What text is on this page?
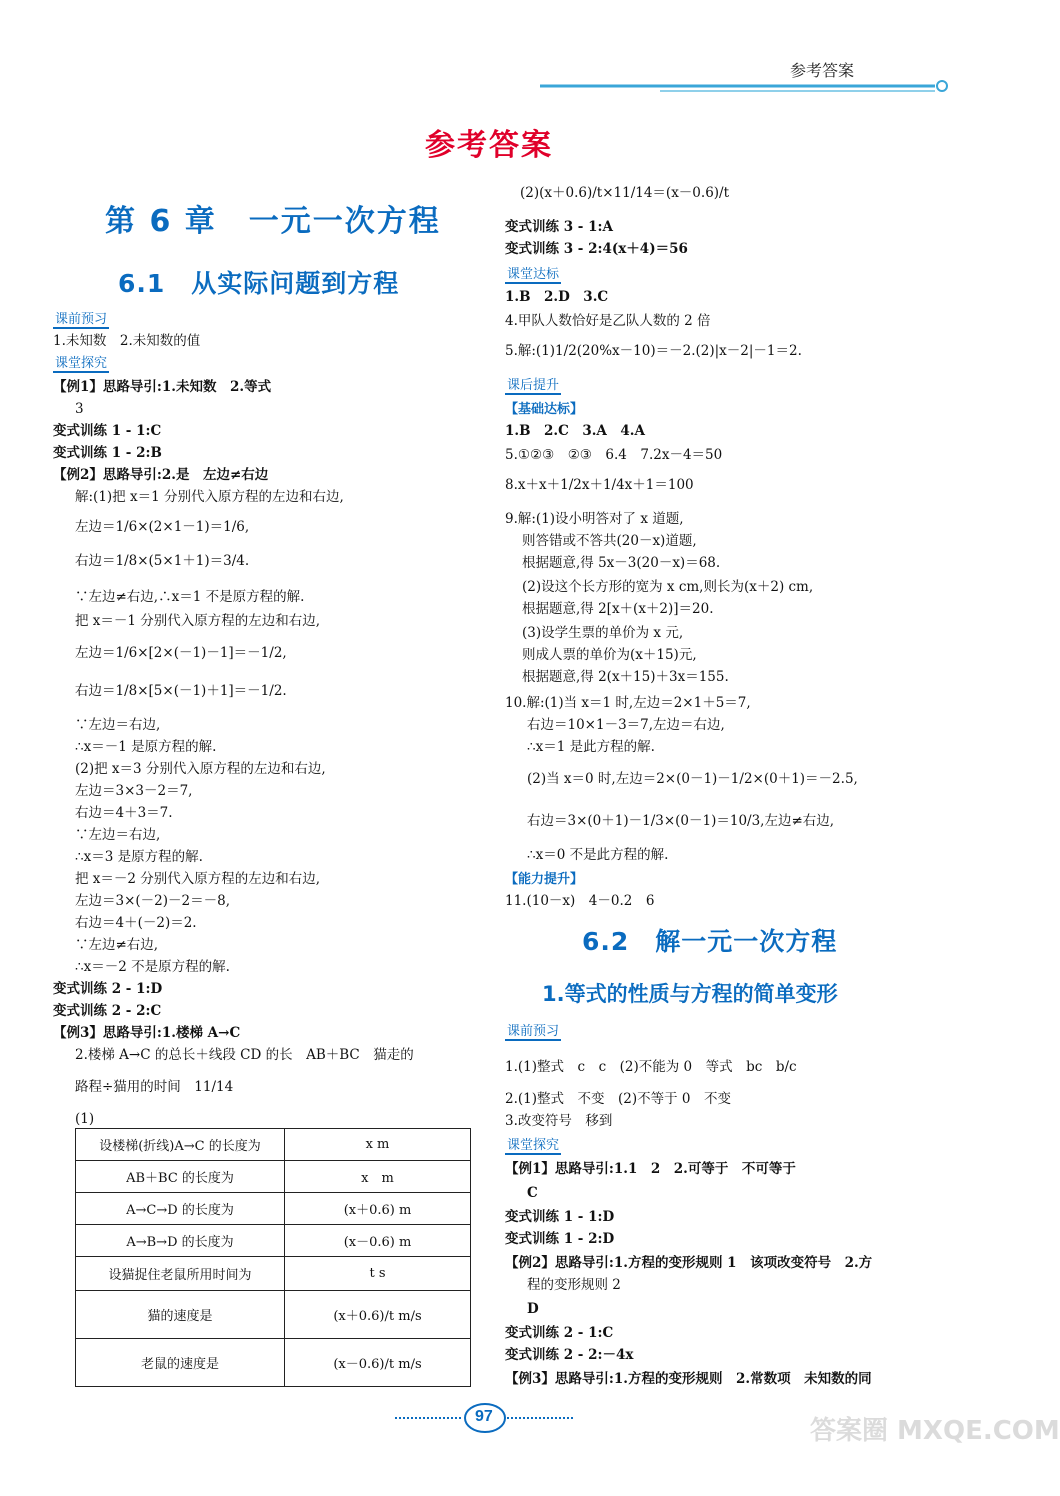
参考答案
参考答案
第 6 章　一元一次方程
6.1　从实际问题到方程
课前预习
课堂探究
1.未知数　2.未知数的值
【例1】思路导引:1.未知数　2.等式
3
变式训练 1 - 1:C
变式训练 1 - 2:B
【例2】思路导引:2.是　左边≠右边
解:(1)把 x＝1 分别代入原方程的左边和右边,
左边＝1/6×(2×1－1)＝1/6,
右边＝1/8×(5×1＋1)＝3/4.
∵左边≠右边,∴x＝1 不是原方程的解.
把 x＝－1 分别代入原方程的左边和右边,
左边＝1/6×[2×(－1)－1]＝－1/2,
右边＝1/8×[5×(－1)＋1]＝－1/2.
∵左边＝右边,
∴x＝－1 是原方程的解.
(2)把 x＝3 分别代入原方程的左边和右边,
左边＝3×3－2＝7,
右边＝4＋3＝7.
∵左边＝右边,
∴x＝3 是原方程的解.
把 x＝－2 分别代入原方程的左边和右边,
左边＝3×(－2)－2＝－8,
右边＝4＋(－2)＝2.
∵左边≠右边,
∴x＝－2 不是原方程的解.
变式训练 2 - 1:D
变式训练 2 - 2:C
【例3】思路导引:1.楼梯 A→C
2.楼梯 A→C 的总长＋线段 CD 的长　AB＋BC　猫走的
路程÷猫用的时间　11/14
(1)
设楼梯(折线)A→C 的长度为	x m
AB＋BC 的长度为	x　m
A→C→D 的长度为	(x＋0.6) m
A→B→D 的长度为	(x－0.6) m
设猫捉住老鼠所用时间为	t s
猫的速度是	(x＋0.6)/t m/s
老鼠的速度是	(x－0.6)/t m/s
(2)(x＋0.6)/t×11/14＝(x－0.6)/t
变式训练 3 - 1:A
变式训练 3 - 2:4(x＋4)＝56
课堂达标
1.B　2.D　3.C
4.甲队人数恰好是乙队人数的 2 倍
5.解:(1)1/2(20%x－10)＝－2.(2)|x－2|－1＝2.
课后提升
【基础达标】
1.B　2.C　3.A　4.A
5.①②③　②③　6.4　7.2x－4＝50
8.x＋x＋1/2x＋1/4x＋1＝100
9.解:(1)设小明答对了 x 道题,
则答错或不答共(20－x)道题,
根据题意,得 5x－3(20－x)＝68.
(2)设这个长方形的宽为 x cm,则长为(x＋2) cm,
根据题意,得 2[x＋(x＋2)]＝20.
(3)设学生票的单价为 x 元,
则成人票的单价为(x＋15)元,
根据题意,得 2(x＋15)＋3x＝155.
10.解:(1)当 x＝1 时,左边＝2×1＋5＝7,
右边＝10×1－3＝7,左边＝右边,
∴x＝1 是此方程的解.
(2)当 x＝0 时,左边＝2×(0－1)－1/2×(0＋1)＝－2.5,
右边＝3×(0＋1)－1/3×(0－1)＝10/3,左边≠右边,
∴x＝0 不是此方程的解.
【能力提升】
11.(10－x)　4－0.2　6
6.2　解一元一次方程
1.等式的性质与方程的简单变形
课前预习
1.(1)整式　c　c　(2)不能为 0　等式　bc　b/c
2.(1)整式　不变　(2)不等于 0　不变
3.改变符号　移到
课堂探究
【例1】思路导引:1.1　2　2.可等于　不可等于
C
变式训练 1 - 1:D
变式训练 1 - 2:D
【例2】思路导引:1.方程的变形规则 1　该项改变符号　2.方
程的变形规则 2
D
变式训练 2 - 1:C
变式训练 2 - 2:－4x
【例3】思路导引:1.方程的变形规则　2.常数项　未知数的同
97	答案圈 MXQE.COM
